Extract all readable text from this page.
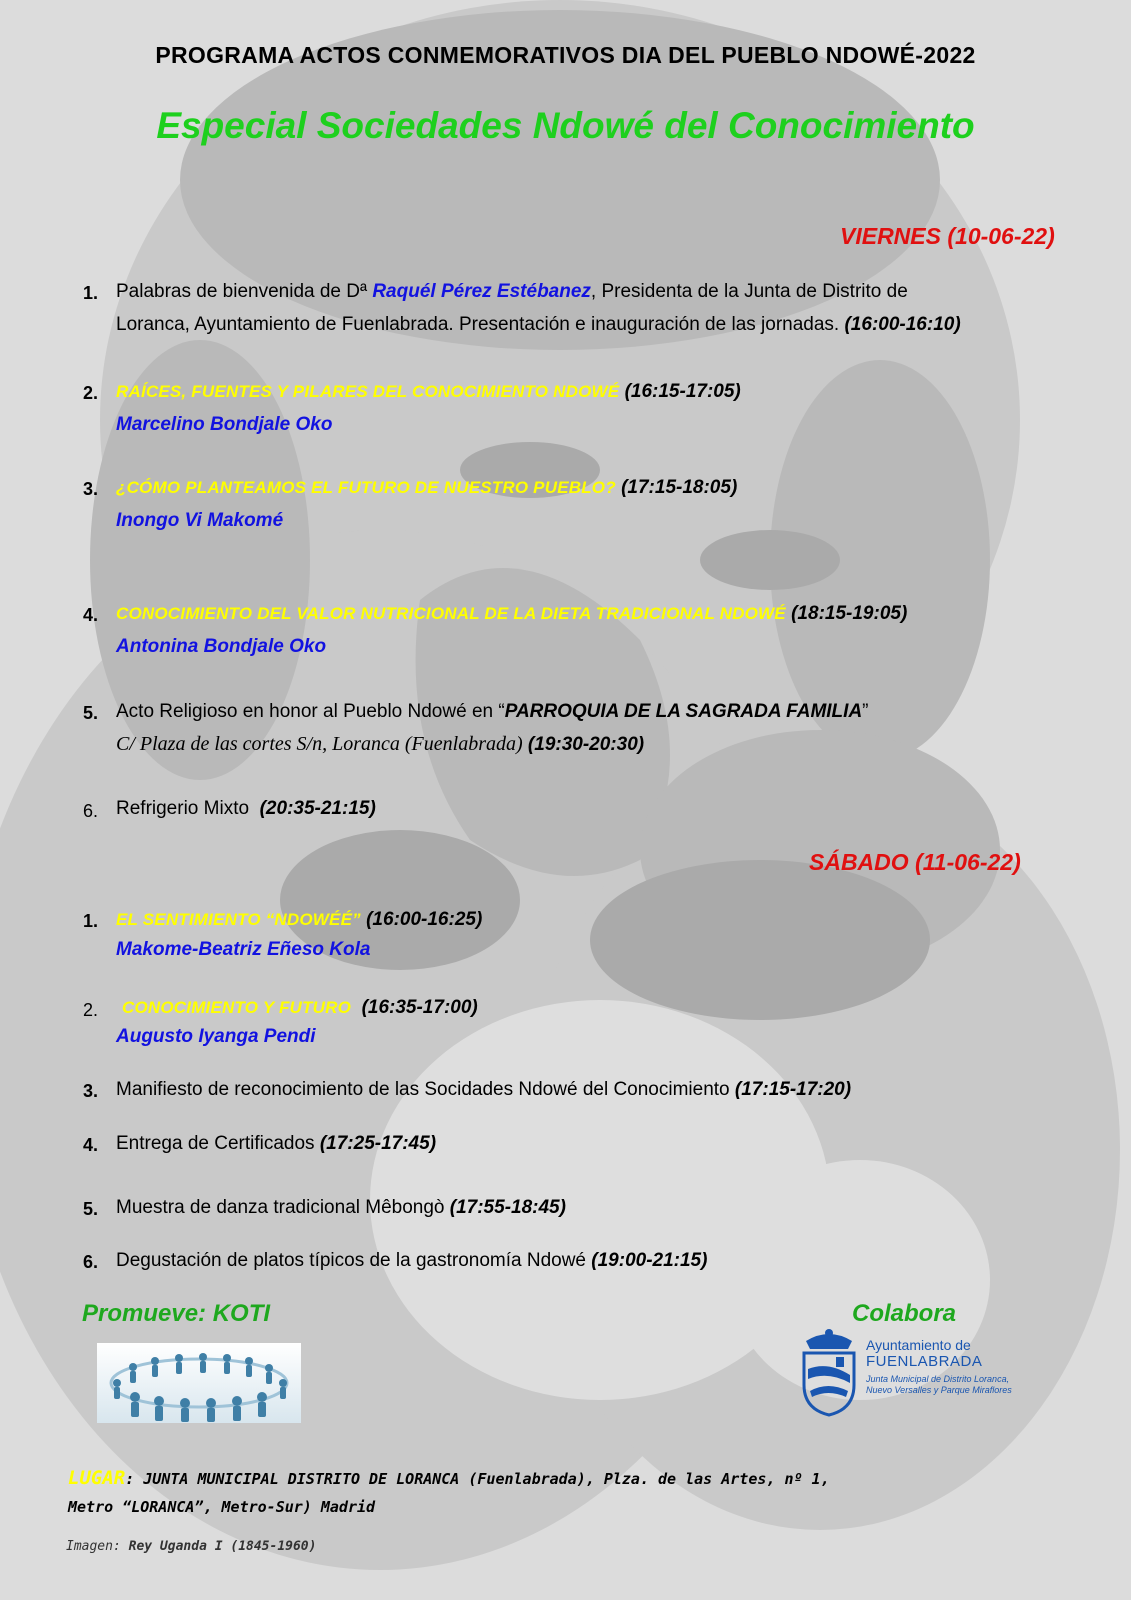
PROGRAMA ACTOS CONMEMORATIVOS DIA DEL PUEBLO NDOWÉ-2022
Especial Sociedades Ndowé del Conocimiento
VIERNES (10-06-22)
1. Palabras de bienvenida de Dª Raquél Pérez Estébanez, Presidenta de la Junta de Distrito de
Loranca, Ayuntamiento de Fuenlabrada. Presentación e inauguración de las jornadas. (16:00-16:10)
2. RAÍCES, FUENTES Y PILARES DEL CONOCIMIENTO NDOWÉ (16:15-17:05)
Marcelino Bondjale Oko
3. ¿CÓMO PLANTEAMOS EL FUTURO DE NUESTRO PUEBLO? (17:15-18:05)
Inongo Vi Makomé
4. CONOCIMIENTO DEL VALOR NUTRICIONAL DE LA DIETA TRADICIONAL NDOWÉ (18:15-19:05)
Antonina Bondjale Oko
5. Acto Religioso en honor al Pueblo Ndowé en “PARROQUIA DE LA SAGRADA FAMILIA”
C/ Plaza de las cortes S/n, Loranca (Fuenlabrada) (19:30-20:30)
6. Refrigerio Mixto (20:35-21:15)
SÁBADO (11-06-22)
1. EL SENTIMIENTO “NDOWÉÉ” (16:00-16:25)
Makome-Beatriz Eñeso Kola
2. CONOCIMIENTO Y FUTURO (16:35-17:00)
Augusto Iyanga Pendi
3. Manifiesto de reconocimiento de las Socidades Ndowé del Conocimiento (17:15-17:20)
4. Entrega de Certificados (17:25-17:45)
5. Muestra de danza tradicional Mêbongò (17:55-18:45)
6. Degustación de platos típicos de la gastronomía Ndowé (19:00-21:15)
Promueve: KOTI	Colabora
Ayuntamiento de
FUENLABRADA
Junta Municipal de Distrito Loranca,
Nuevo Versalles y Parque Miraflores
LUGAR: JUNTA MUNICIPAL DISTRITO DE LORANCA (Fuenlabrada), Plza. de las Artes, nº 1,
Metro “LORANCA”, Metro-Sur) Madrid
Imagen: Rey Uganda I (1845-1960)
